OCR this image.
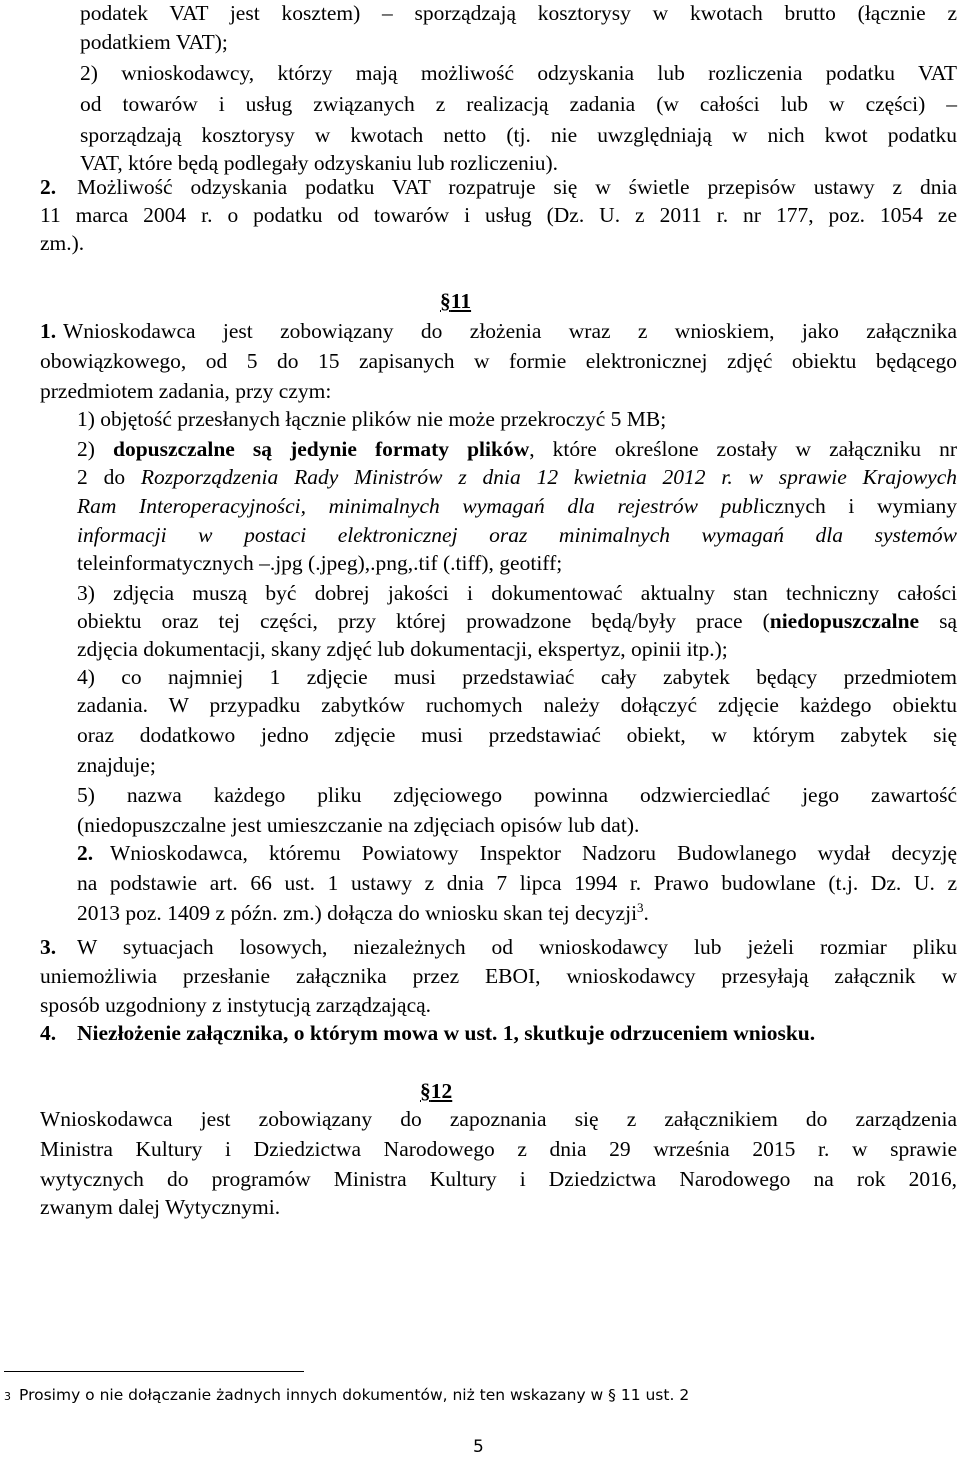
podatek VAT jest kosztem) – sporządzają kosztorysy w kwotach brutto (łącznie z
podatkiem VAT);
2) wnioskodawcy, którzy mają możliwość odzyskania lub rozliczenia podatku VAT
od towarów i usług związanych z realizacją zadania (w całości lub w części) –
sporządzają kosztorysy w kwotach netto (tj. nie uwzględniają w nich kwot podatku
VAT, które będą podlegały odzyskaniu lub rozliczeniu).
2. Możliwość odzyskania podatku VAT rozpatruje się w świetle przepisów ustawy z dnia
11 marca 2004 r. o podatku od towarów i usług (Dz. U. z 2011 r. nr 177, poz. 1054 ze
zm.).
§11
1. Wnioskodawca jest zobowiązany do złożenia wraz z wnioskiem, jako załącznika
obowiązkowego, od 5 do 15 zapisanych w formie elektronicznej zdjęć obiektu będącego
przedmiotem zadania, przy czym:
1) objętość przesłanych łącznie plików nie może przekroczyć 5 MB;
2) dopuszczalne są jedynie formaty plików, które określone zostały w załączniku nr
2 do Rozporządzenia Rady Ministrów z dnia 12 kwietnia 2012 r. w sprawie Krajowych
Ram Interoperacyjności, minimalnych wymagań dla rejestrów publicznych i wymiany
informacji w postaci elektronicznej oraz minimalnych wymagań dla systemów
teleinformatycznych –.jpg (.jpeg),.png,.tif (.tiff), geotiff;
3) zdjęcia muszą być dobrej jakości i dokumentować aktualny stan techniczny całości
obiektu oraz tej części, przy której prowadzone będą/były prace (niedopuszczalne są
zdjęcia dokumentacji, skany zdjęć lub dokumentacji, ekspertyz, opinii itp.);
4) co najmniej 1 zdjęcie musi przedstawiać cały zabytek będący przedmiotem
zadania. W przypadku zabytków ruchomych należy dołączyć zdjęcie każdego obiektu
oraz dodatkowo jedno zdjęcie musi przedstawiać obiekt, w którym zabytek się
znajduje;
5) nazwa każdego pliku zdjęciowego powinna odzwierciedlać jego zawartość
(niedopuszczalne jest umieszczanie na zdjęciach opisów lub dat).
2. Wnioskodawca, któremu Powiatowy Inspektor Nadzoru Budowlanego wydał decyzję
na podstawie art. 66 ust. 1 ustawy z dnia 7 lipca 1994 r. Prawo budowlane (t.j. Dz. U. z
2013 poz. 1409 z późn. zm.) dołącza do wniosku skan tej decyzji$^3$.
3. W sytuacjach losowych, niezależnych od wnioskodawcy lub jeżeli rozmiar pliku
uniemożliwia przesłanie załącznika przez EBOI, wnioskodawcy przesyłają załącznik w
sposób uzgodniony z instytucją zarządzającą.
4. Niezłożenie załącznika, o którym mowa w ust. 1, skutkuje odrzuceniem wniosku.
§12
Wnioskodawca jest zobowiązany do zapoznania się z załącznikiem do zarządzenia
Ministra Kultury i Dziedzictwa Narodowego z dnia 29 września 2015 r. w sprawie
wytycznych do programów Ministra Kultury i Dziedzictwa Narodowego na rok 2016,
zwanym dalej Wytycznymi.
3 Prosimy o nie dołączanie żadnych innych dokumentów, niż ten wskazany w § 11 ust. 2
5
